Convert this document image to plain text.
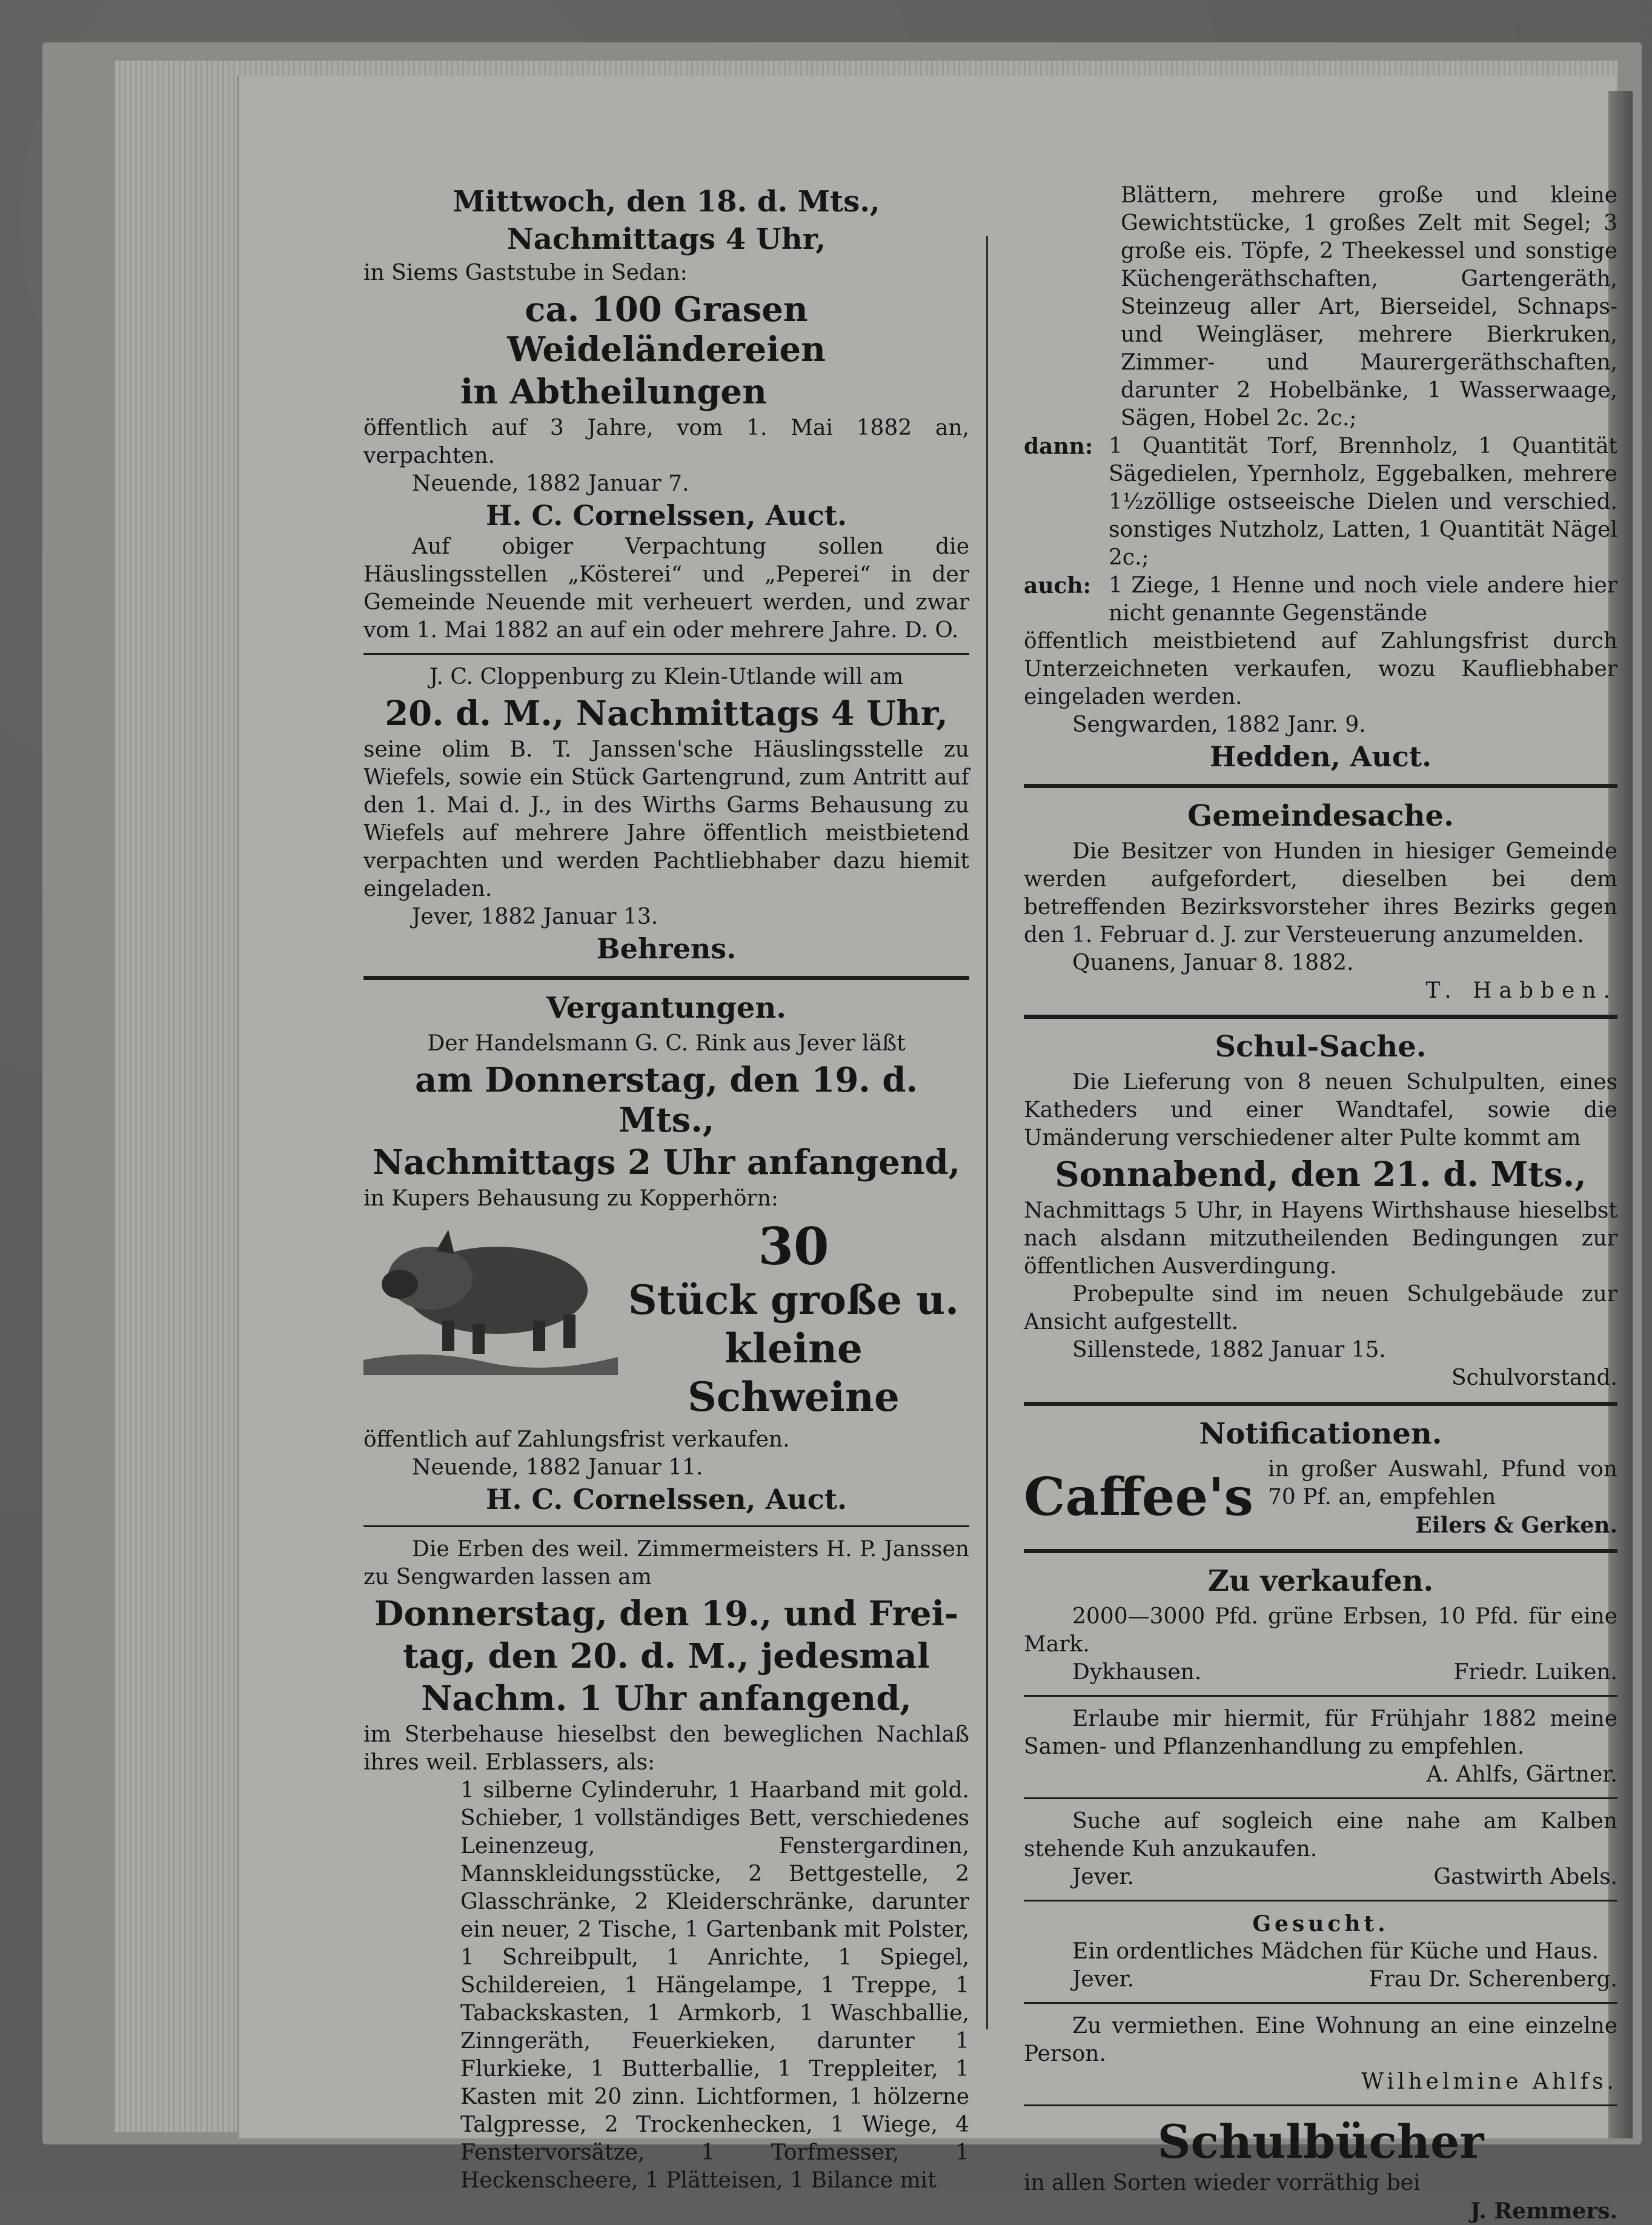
Mittwoch, den 18. d. Mts.,
Nachmittags 4 Uhr,

in Siems Gaststube in Sedan:

ca. 100 Grasen Weideländereien
in Abtheilungen

öffentlich auf 3 Jahre, vom 1. Mai 1882 an, verpachten.

Neuende, 1882 Januar 7.

H. C. Cornelssen, Auct.

Auf obiger Verpachtung sollen die Häuslingsstellen „Kösterei“ und „Peperei“ in der Gemeinde Neuende mit verheuert werden, und zwar vom 1. Mai 1882 an auf ein oder mehrere Jahre. D. O.

J. C. Cloppenburg zu Klein-Utlande will am

20. d. M., Nachmittags 4 Uhr,

seine olim B. T. Janssen'sche Häuslingsstelle zu Wiefels, sowie ein Stück Gartengrund, zum Antritt auf den 1. Mai d. J., in des Wirths Garms Behausung zu Wiefels auf mehrere Jahre öffentlich meistbietend verpachten und werden Pachtliebhaber dazu hiemit eingeladen.

Jever, 1882 Januar 13.

Behrens.
Vergantungen.

Der Handelsmann G. C. Rink aus Jever läßt

am Donnerstag, den 19. d. Mts.,
Nachmittags 2 Uhr anfangend,

in Kupers Behausung zu Kopperhörn:

30
Stück große u.
kleine Schweine

öffentlich auf Zahlungsfrist verkaufen.

Neuende, 1882 Januar 11.

H. C. Cornelssen, Auct.

Die Erben des weil. Zimmermeisters H. P. Janssen zu Sengwarden lassen am

Donnerstag, den 19., und Frei-
tag, den 20. d. M., jedesmal
Nachm. 1 Uhr anfangend,

im Sterbehause hieselbst den beweglichen Nachlaß ihres weil. Erblassers, als:

1 silberne Cylinderuhr, 1 Haarband mit gold. Schieber, 1 vollständiges Bett, verschiedenes Leinenzeug, Fenstergardinen, Mannskleidungsstücke, 2 Bettgestelle, 2 Glasschränke, 2 Kleiderschränke, darunter ein neuer, 2 Tische, 1 Gartenbank mit Polster, 1 Schreibpult, 1 Anrichte, 1 Spiegel, Schildereien, 1 Hängelampe, 1 Treppe, 1 Tabackskasten, 1 Armkorb, 1 Waschballie, Zinngeräth, Feuerkieken, darunter 1 Flurkieke, 1 Butterballie, 1 Treppleiter, 1 Kasten mit 20 zinn. Lichtformen, 1 hölzerne Talgpresse, 2 Trockenhecken, 1 Wiege, 4 Fenstervorsätze, 1 Torfmesser, 1 Heckenscheere, 1 Plätteisen, 1 Bilance mit

Blättern, mehrere große und kleine Gewichtstücke, 1 großes Zelt mit Segel; 3 große eis. Töpfe, 2 Theekessel und sonstige Küchengeräthschaften, Gartengeräth, Steinzeug aller Art, Bierseidel, Schnaps- und Weingläser, mehrere Bierkruken, Zimmer- und Maurergeräthschaften, darunter 2 Hobelbänke, 1 Wasserwaage, Sägen, Hobel 2c. 2c.;

dann: 1 Quantität Torf, Brennholz, 1 Quantität Sägedielen, Ypernholz, Eggebalken, mehrere 1½zöllige ostseeische Dielen und verschied. sonstiges Nutzholz, Latten, 1 Quantität Nägel 2c.;

auch: 1 Ziege, 1 Henne und noch viele andere hier nicht genannte Gegenstände

öffentlich meistbietend auf Zahlungsfrist durch Unterzeichneten verkaufen, wozu Kaufliebhaber eingeladen werden.

Sengwarden, 1882 Janr. 9.

Hedden, Auct.
Gemeindesache.

Die Besitzer von Hunden in hiesiger Gemeinde werden aufgefordert, dieselben bei dem betreffenden Bezirksvorsteher ihres Bezirks gegen den 1. Februar d. J. zur Versteuerung anzumelden.

Quanens, Januar 8. 1882.

T. Habben.

Schul-Sache.

Die Lieferung von 8 neuen Schulpulten, eines Katheders und einer Wandtafel, sowie die Umänderung verschiedener alter Pulte kommt am

Sonnabend, den 21. d. Mts.,

Nachmittags 5 Uhr, in Hayens Wirthshause hieselbst nach alsdann mitzutheilenden Bedingungen zur öffentlichen Ausverdingung.

Probepulte sind im neuen Schulgebäude zur Ansicht aufgestellt.

Sillenstede, 1882 Januar 15.

Schulvorstand.

Notificationen.
Caffee's in großer Auswahl, Pfund von 70 Pf. an, empfehlen

Eilers & Gerken.

Zu verkaufen.

2000—3000 Pfd. grüne Erbsen, 10 Pfd. für eine Mark.

Dykhausen.	Friedr. Luiken.

Erlaube mir hiermit, für Frühjahr 1882 meine Samen- und Pflanzenhandlung zu empfehlen.

A. Ahlfs, Gärtner.

Suche auf sogleich eine nahe am Kalben stehende Kuh anzukaufen.

Jever.	Gastwirth Abels.

Gesucht.

Ein ordentliches Mädchen für Küche und Haus.

Jever.	Frau Dr. Scherenberg.

Zu vermiethen. Eine Wohnung an eine einzelne Person.

Wilhelmine Ahlfs.

Schulbücher

in allen Sorten wieder vorräthig bei

J. Remmers.
